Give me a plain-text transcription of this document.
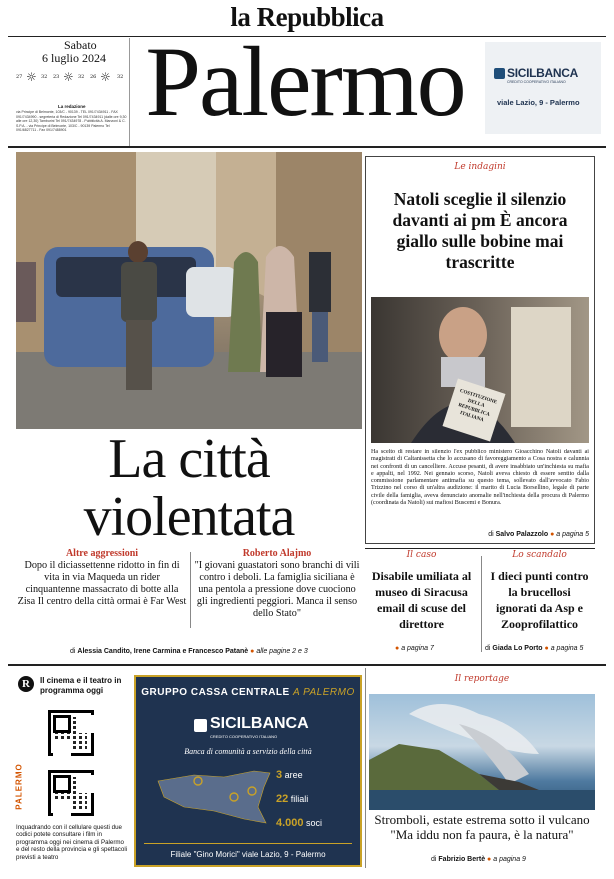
la Repubblica
Palermo
Sabato
6 luglio 2024
27 ☼ 32 23 ☼ 32 26 ☼ 32
La redazione
via Principe di Belmonte, 103/C - 90139 - TEL 091/7434911 - FAX 091/7434990 - segreteria di Redazione Tel 091/7434911 (dalle ore 9,30 alle ore 12,30) Tamburini Tel 091/7434978 - Pubblicità A. Manzoni & C. S.P.A. - via Principe di Belmonte, 103/C - 90139 Palermo Tel 091/6827711 - Fax 091/7488901
SICILBANCA
CREDITO COOPERATIVO ITALIANO
viale Lazio, 9 - Palermo
La città
violentata
Altre aggressioni
Dopo il diciassettenne ridotto in fin di vita in via Maqueda un rider cinquantenne massacrato di botte alla Zisa Il centro della città ormai è Far West
Roberto Alajmo
"I giovani guastatori sono branchi di vili contro i deboli. La famiglia siciliana è una pentola a pressione dove cuociono gli ingredienti peggiori. Manca il senso dello Stato"
di Alessia Candito, Irene Carmina e Francesco Patanè ● alle pagine 2 e 3
Le indagini
Natoli sceglie il silenzio davanti ai pm È ancora giallo sulle bobine mai trascritte
COSTITUZIONE DELLA REPUBBLICA ITALIANA
Ha scelto di restare in silenzio l'ex pubblico ministero Gioacchino Natoli davanti ai magistrati di Caltanissetta che lo accusano di favoreggiamento a Cosa nostra e calunnia nei confronti di un cancelliere. Accuse pesanti, di avere insabbiato un'inchiesta su mafia e appalti, nel 1992. Nei gennaio scorso, Natoli aveva chiesto di essere sentito dalla commissione parlamentare antimafia su questo tema, sollevato dall'avvocato Fabio Trizzino nel corso di un'altra audizione: il marito di Lucia Borsellino, legale di parte civile della famiglia, aveva denunciato anomalie nell'inchiesta della procura di Palermo (coordinata da Natoli) sui mafiosi Buscemi e Bonura.
di Salvo Palazzolo ● a pagina 5
Il caso
Disabile umiliata al museo di Siracusa email di scuse del direttore
● a pagina 7
Lo scandalo
I dieci punti contro la brucellosi ignorati da Asp e Zooprofilattico
di Giada Lo Porto ● a pagina 5
R	Il cinema e il teatro in programma oggi
PALERMO
Inquadrando con il cellulare questi due codici potete consultare i film in programma oggi nei cinema di Palermo e del resto della provincia e gli spettacoli previsti a teatro
GRUPPO CASSA CENTRALE A PALERMO
SICILBANCA
CREDITO COOPERATIVO ITALIANO
Banca di comunità a servizio della città
3 aree
22 filiali
4.000 soci
Filiale "Gino Morici" viale Lazio, 9 - Palermo
Il reportage
Stromboli, estate estrema sotto il vulcano "Ma iddu non fa paura, è la natura"
di Fabrizio Bertè ● a pagina 9
